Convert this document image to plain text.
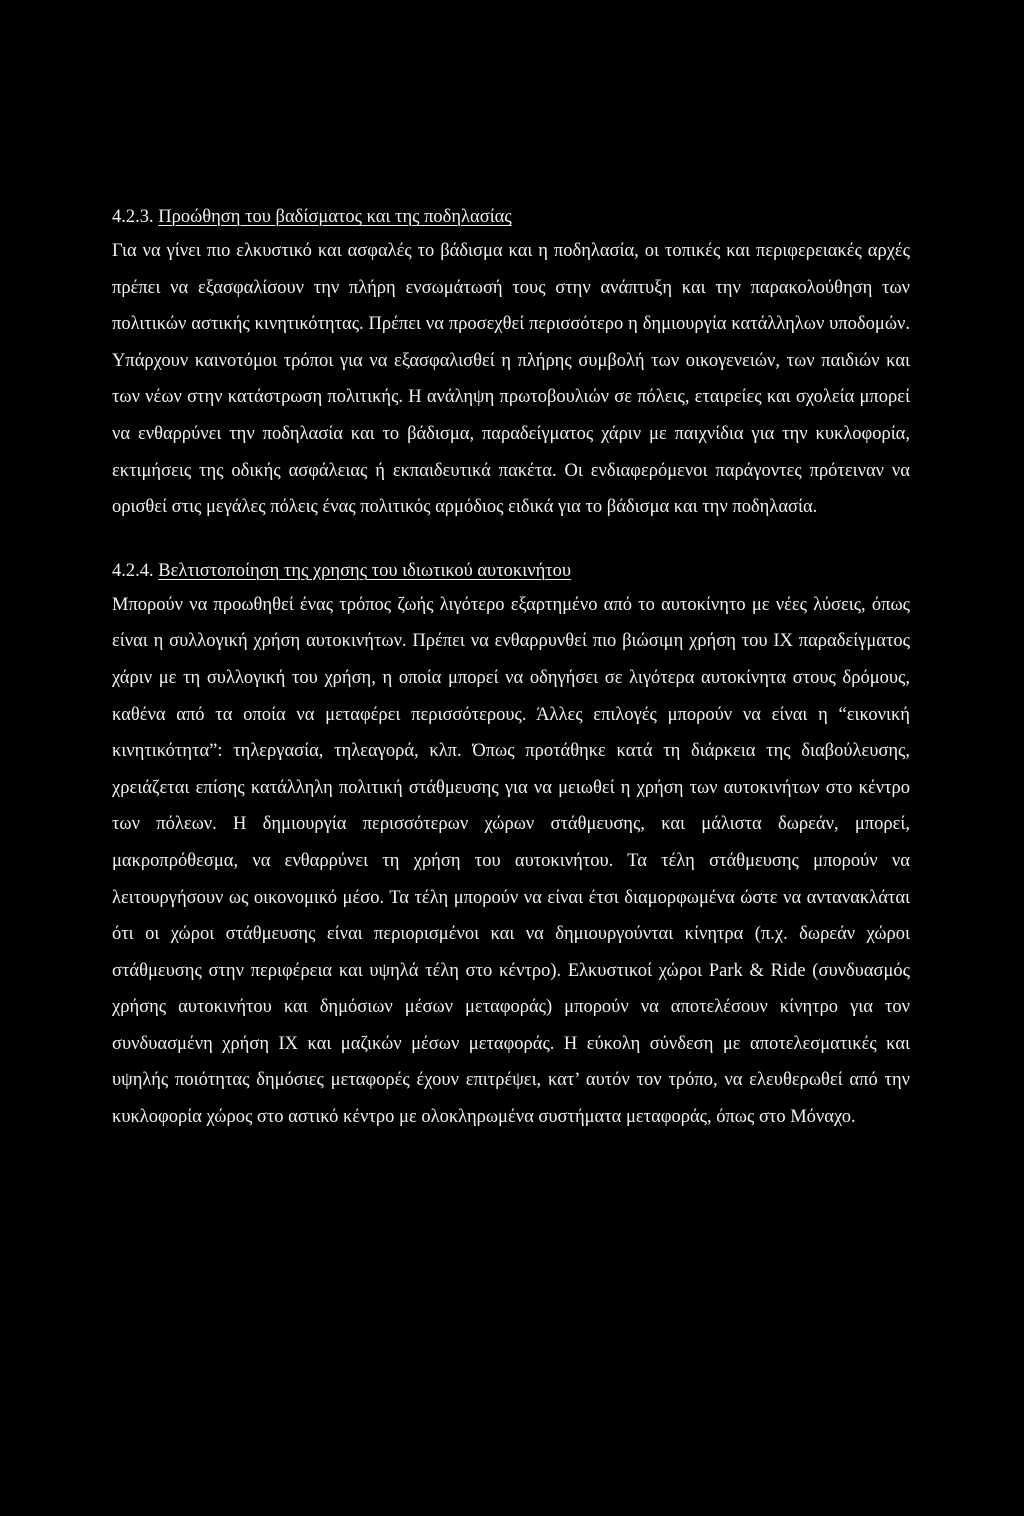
4.2.3. Προώθηση του βαδίσματος και της ποδηλασίας

Για να γίνει πιο ελκυστικό και ασφαλές το βάδισμα και η ποδηλασία, οι τοπικές και περιφερειακές αρχές πρέπει να εξασφαλίσουν την πλήρη ενσωμάτωσή τους στην ανάπτυξη και την παρακολούθηση των πολιτικών αστικής κινητικότητας. Πρέπει να προσεχθεί περισσότερο η δημιουργία κατάλληλων υποδομών. Υπάρχουν καινοτόμοι τρόποι για να εξασφαλισθεί η πλήρης συμβολή των οικογενειών, των παιδιών και των νέων στην κατάστρωση πολιτικής. Η ανάληψη πρωτοβουλιών σε πόλεις, εταιρείες και σχολεία μπορεί να ενθαρρύνει την ποδηλασία και το βάδισμα, παραδείγματος χάριν με παιχνίδια για την κυκλοφορία, εκτιμήσεις της οδικής ασφάλειας ή εκπαιδευτικά πακέτα. Οι ενδιαφερόμενοι παράγοντες πρότειναν να ορισθεί στις μεγάλες πόλεις ένας πολιτικός αρμόδιος ειδικά για το βάδισμα και την ποδηλασία.

4.2.4. Βελτιστοποίηση της χρησης του ιδιωτικού αυτοκινήτου

Μπορούν να προωθηθεί ένας τρόπος ζωής λιγότερο εξαρτημένο από το αυτοκίνητο με νέες λύσεις, όπως είναι η συλλογική χρήση αυτοκινήτων. Πρέπει να ενθαρρυνθεί πιο βιώσιμη χρήση του IX παραδείγματος χάριν με τη συλλογική του χρήση, η οποία μπορεί να οδηγήσει σε λιγότερα αυτοκίνητα στους δρόμους, καθένα από τα οποία να μεταφέρει περισσότερους. Άλλες επιλογές μπορούν να είναι η “εικονική κινητικότητα”: τηλεργασία, τηλεαγορά, κλπ. Όπως προτάθηκε κατά τη διάρκεια της διαβούλευσης, χρειάζεται επίσης κατάλληλη πολιτική στάθμευσης για να μειωθεί η χρήση των αυτοκινήτων στο κέντρο των πόλεων. Η δημιουργία περισσότερων χώρων στάθμευσης, και μάλιστα δωρεάν, μπορεί, μακροπρόθεσμα, να ενθαρρύνει τη χρήση του αυτοκινήτου. Τα τέλη στάθμευσης μπορούν να λειτουργήσουν ως οικονομικό μέσο. Τα τέλη μπορούν να είναι έτσι διαμορφωμένα ώστε να αντανακλάται ότι οι χώροι στάθμευσης είναι περιορισμένοι και να δημιουργούνται κίνητρα (π.χ. δωρεάν χώροι στάθμευσης στην περιφέρεια και υψηλά τέλη στο κέντρο). Ελκυστικοί χώροι Park & Ride (συνδυασμός χρήσης αυτοκινήτου και δημόσιων μέσων μεταφοράς) μπορούν να αποτελέσουν κίνητρο για τον συνδυασμένη χρήση IX και μαζικών μέσων μεταφοράς. Η εύκολη σύνδεση με αποτελεσματικές και υψηλής ποιότητας δημόσιες μεταφορές έχουν επιτρέψει, κατ’ αυτόν τον τρόπο, να ελευθερωθεί από την κυκλοφορία χώρος στο αστικό κέντρο με ολοκληρωμένα συστήματα μεταφοράς, όπως στο Μόναχο.
